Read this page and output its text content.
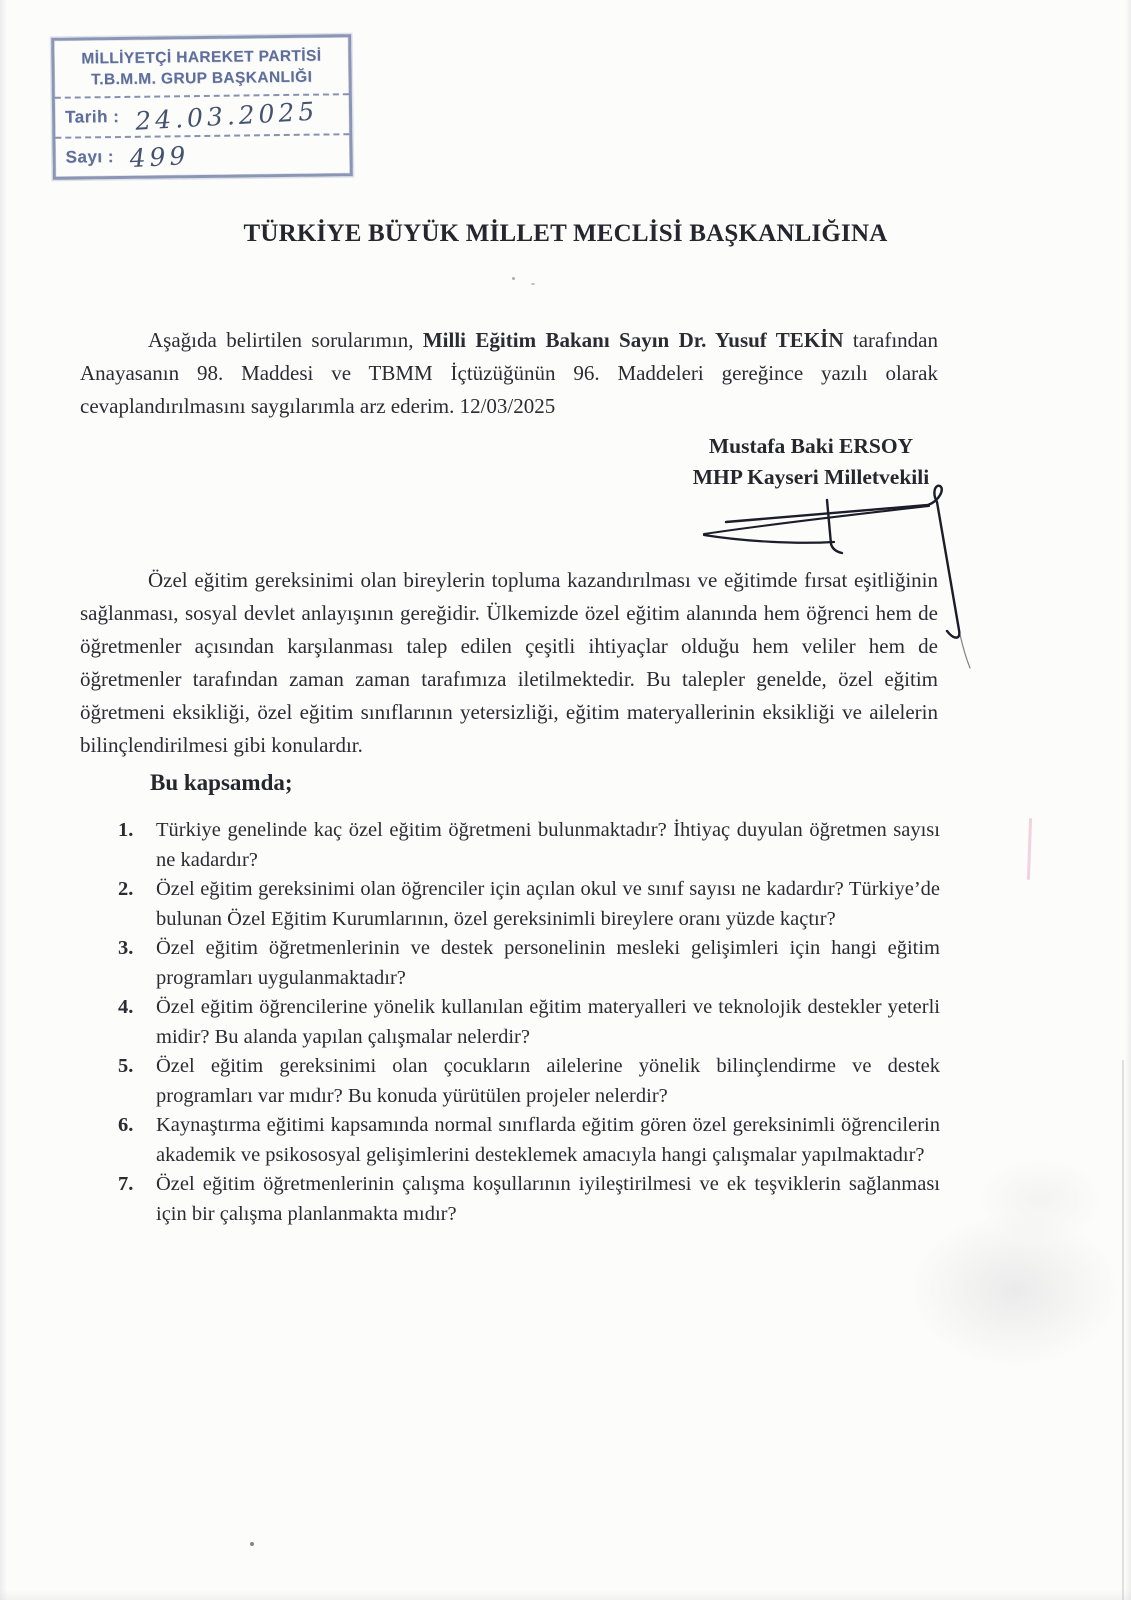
MİLLİYETÇİ HAREKET PARTİSİ
T.B.M.M. GRUP BAŞKANLIĞI
Tarih : 24.03.2025
Sayı : 499
TÜRKİYE BÜYÜK MİLLET MECLİSİ BAŞKANLIĞINA

Aşağıda belirtilen sorularımın, Milli Eğitim Bakanı Sayın Dr. Yusuf TEKİN tarafından Anayasanın 98. Maddesi ve TBMM İçtüzüğünün 96. Maddeleri gereğince yazılı olarak cevaplandırılmasını saygılarımla arz ederim. 12/03/2025

Mustafa Baki ERSOY
MHP Kayseri Milletvekili

Özel eğitim gereksinimi olan bireylerin topluma kazandırılması ve eğitimde fırsat eşitliğinin sağlanması, sosyal devlet anlayışının gereğidir. Ülkemizde özel eğitim alanında hem öğrenci hem de öğretmenler açısından karşılanması talep edilen çeşitli ihtiyaçlar olduğu hem veliler hem de öğretmenler tarafından zaman zaman tarafımıza iletilmektedir. Bu talepler genelde, özel eğitim öğretmeni eksikliği, özel eğitim sınıflarının yetersizliği, eğitim materyallerinin eksikliği ve ailelerin bilinçlendirilmesi gibi konulardır.

Bu kapsamda;
Türkiye genelinde kaç özel eğitim öğretmeni bulunmaktadır? İhtiyaç duyulan öğretmen sayısı ne kadardır?
Özel eğitim gereksinimi olan öğrenciler için açılan okul ve sınıf sayısı ne kadardır? Türkiye’de bulunan Özel Eğitim Kurumlarının, özel gereksinimli bireylere oranı yüzde kaçtır?
Özel eğitim öğretmenlerinin ve destek personelinin mesleki gelişimleri için hangi eğitim programları uygulanmaktadır?
Özel eğitim öğrencilerine yönelik kullanılan eğitim materyalleri ve teknolojik destekler yeterli midir? Bu alanda yapılan çalışmalar nelerdir?
Özel eğitim gereksinimi olan çocukların ailelerine yönelik bilinçlendirme ve destek programları var mıdır? Bu konuda yürütülen projeler nelerdir?
Kaynaştırma eğitimi kapsamında normal sınıflarda eğitim gören özel gereksinimli öğrencilerin akademik ve psikososyal gelişimlerini desteklemek amacıyla hangi çalışmalar yapılmaktadır?
Özel eğitim öğretmenlerinin çalışma koşullarının iyileştirilmesi ve ek teşviklerin sağlanması için bir çalışma planlanmakta mıdır?
